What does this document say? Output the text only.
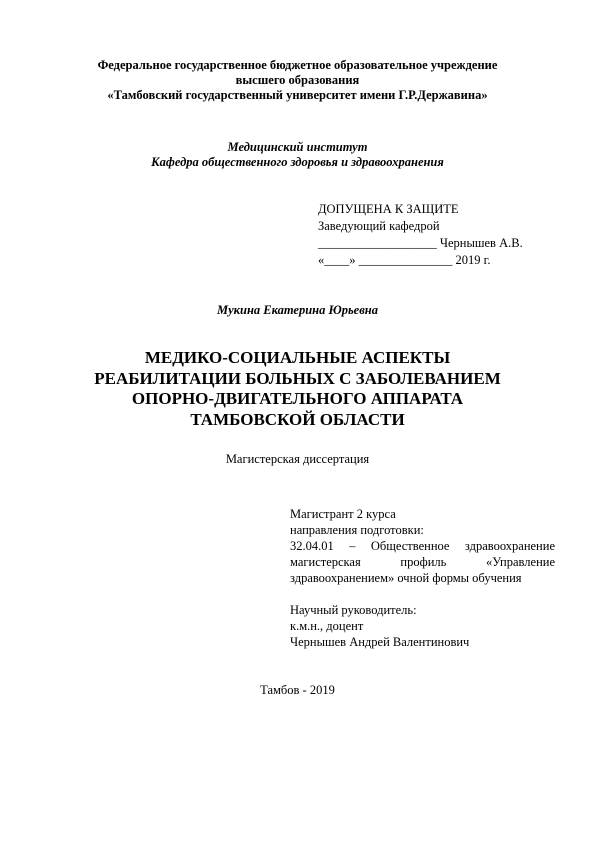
Федеральное государственное бюджетное образовательное учреждение
высшего образования
«Тамбовский государственный университет имени Г.Р.Державина»
Медицинский институт
Кафедра общественного здоровья и здравоохранения
ДОПУЩЕНА К ЗАЩИТЕ
Заведующий кафедрой
___________________ Чернышев А.В.
«____» _______________ 2019 г.
Мукина Екатерина Юрьевна
МЕДИКО-СОЦИАЛЬНЫЕ АСПЕКТЫ
РЕАБИЛИТАЦИИ БОЛЬНЫХ С ЗАБОЛЕВАНИЕМ
ОПОРНО-ДВИГАТЕЛЬНОГО АППАРАТА
ТАМБОВСКОЙ ОБЛАСТИ
Магистерская диссертация
Магистрант 2 курса
направления подготовки:
32.04.01 – Общественное здравоохранение
магистерская профиль «Управление
здравоохранением» очной формы обучения
Научный руководитель:
к.м.н., доцент
Чернышев Андрей Валентинович
Тамбов - 2019
